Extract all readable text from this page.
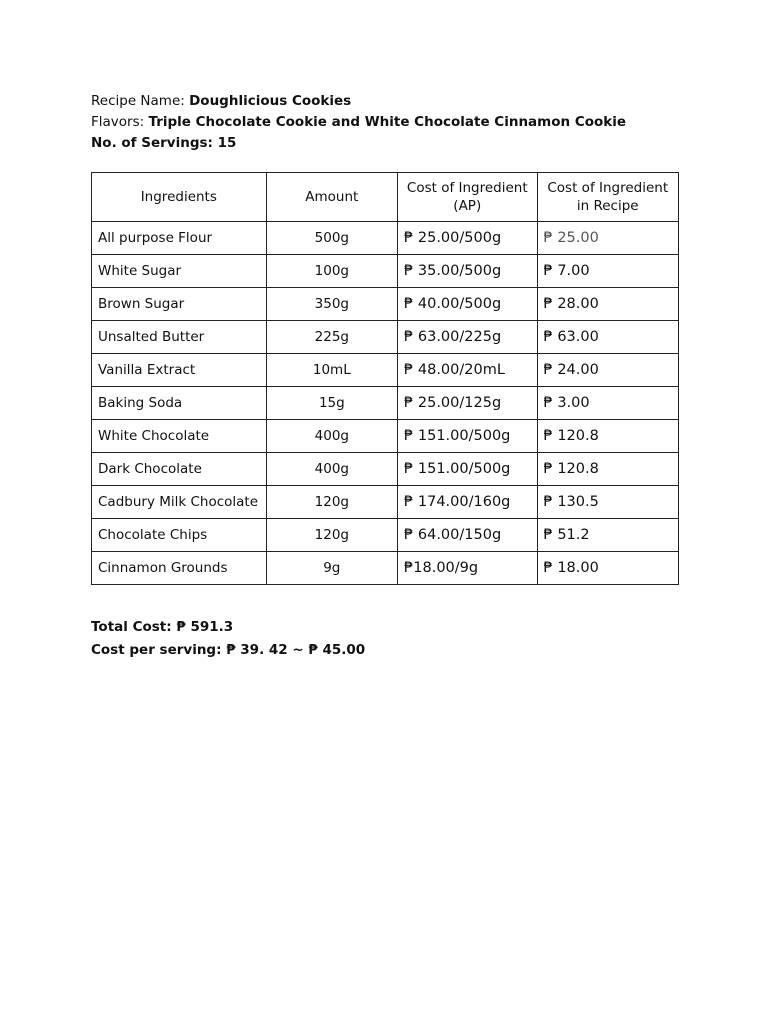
Recipe Name: Doughlicious Cookies
Flavors: Triple Chocolate Cookie and White Chocolate Cinnamon Cookie
No. of Servings: 15
Ingredients	Amount	Cost of Ingredient (AP)	Cost of Ingredient in Recipe
All purpose Flour	500g	₱ 25.00/500g	₱ 25.00
White Sugar	100g	₱ 35.00/500g	₱ 7.00
Brown Sugar	350g	₱ 40.00/500g	₱ 28.00
Unsalted Butter	225g	₱ 63.00/225g	₱ 63.00
Vanilla Extract	10mL	₱ 48.00/20mL	₱ 24.00
Baking Soda	15g	₱ 25.00/125g	₱ 3.00
White Chocolate	400g	₱ 151.00/500g	₱ 120.8
Dark Chocolate	400g	₱ 151.00/500g	₱ 120.8
Cadbury Milk Chocolate	120g	₱ 174.00/160g	₱ 130.5
Chocolate Chips	120g	₱ 64.00/150g	₱ 51.2
Cinnamon Grounds	9g	₱18.00/9g	₱ 18.00
Total Cost: ₱ 591.3
Cost per serving: ₱ 39. 42 ~ ₱ 45.00
